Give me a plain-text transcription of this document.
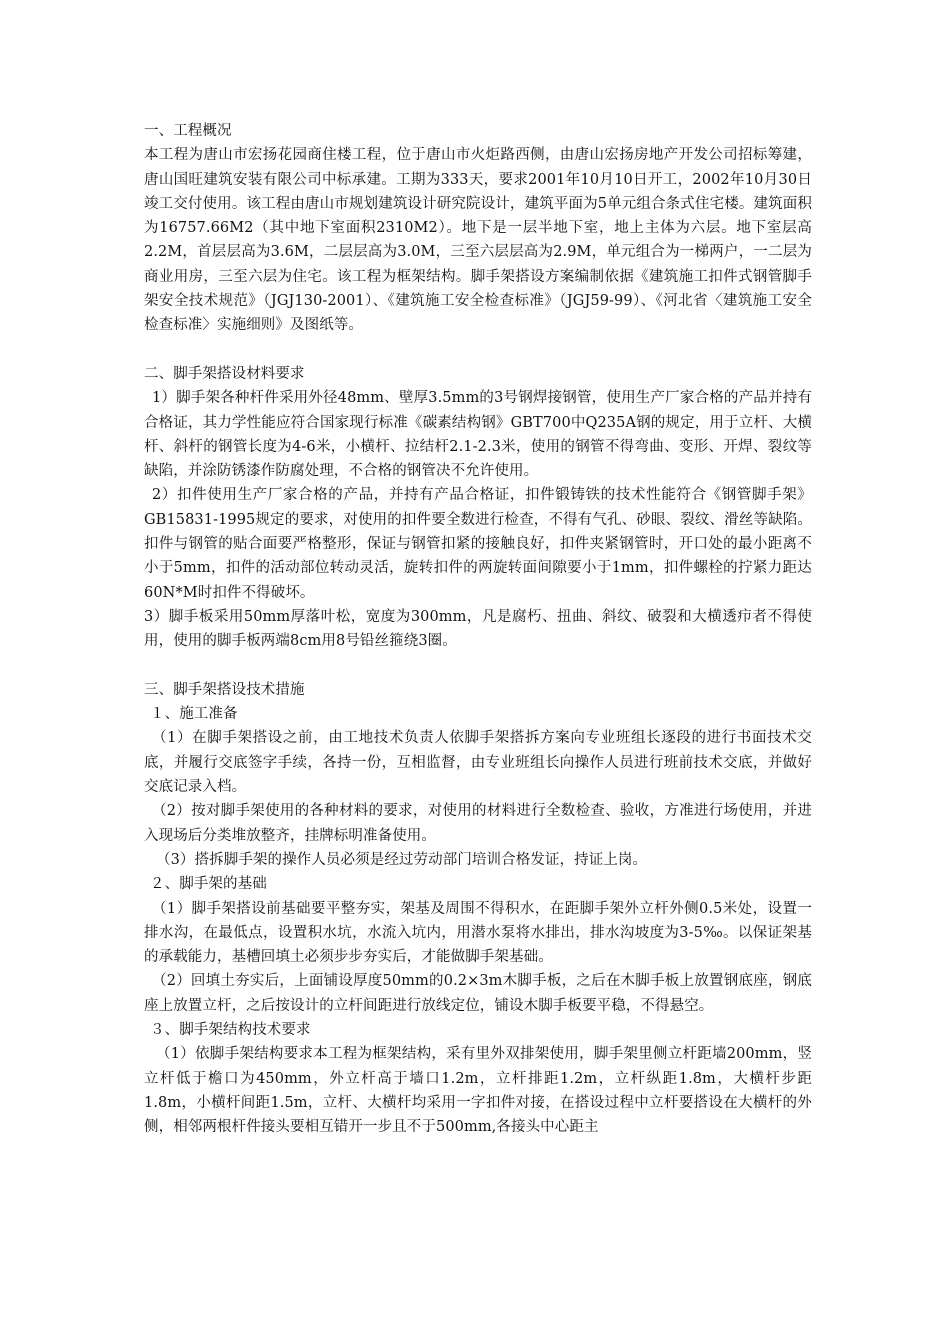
一、工程概况

本工程为唐山市宏扬花园商住楼工程，位于唐山市火炬路西侧，由唐山宏扬房地产开发公司招标筹建，唐山国旺建筑安装有限公司中标承建。工期为333天，要求2001年10月10日开工，2002年10月30日竣工交付使用。该工程由唐山市规划建筑设计研究院设计，建筑平面为5单元组合条式住宅楼。建筑面积为16757.66M2（其中地下室面积2310M2）。地下是一层半地下室，地上主体为六层。地下室层高2.2M，首层层高为3.6M，二层层高为3.0M，三至六层层高为2.9M，单元组合为一梯两户，一二层为商业用房，三至六层为住宅。该工程为框架结构。脚手架搭设方案编制依据《建筑施工扣件式钢管脚手架安全技术规范》（JGJ130-2001）、《建筑施工安全检查标准》（JGJ59-99）、《河北省〈建筑施工安全检查标准〉实施细则》及图纸等。

二、脚手架搭设材料要求

1）脚手架各种杆件采用外径48mm、壁厚3.5mm的3号钢焊接钢管，使用生产厂家合格的产品并持有合格证，其力学性能应符合国家现行标准《碳素结构钢》GBT700中Q235A钢的规定，用于立杆、大横杆、斜杆的钢管长度为4-6米，小横杆、拉结杆2.1-2.3米，使用的钢管不得弯曲、变形、开焊、裂纹等缺陷，并涂防锈漆作防腐处理，不合格的钢管决不允许使用。

2）扣件使用生产厂家合格的产品，并持有产品合格证，扣件锻铸铁的技术性能符合《钢管脚手架》GB15831-1995规定的要求，对使用的扣件要全数进行检查，不得有气孔、砂眼、裂纹、滑丝等缺陷。扣件与钢管的贴合面要严格整形，保证与钢管扣紧的接触良好，扣件夹紧钢管时，开口处的最小距离不小于5mm，扣件的活动部位转动灵活，旋转扣件的两旋转面间隙要小于1mm，扣件螺栓的拧紧力距达60N*M时扣件不得破坏。

3）脚手板采用50mm厚落叶松，宽度为300mm，凡是腐朽、扭曲、斜纹、破裂和大横透疖者不得使用，使用的脚手板两端8cm用8号铅丝箍绕3圈。

三、脚手架搭设技术措施

１、施工准备

（1）在脚手架搭设之前，由工地技术负责人依脚手架搭拆方案向专业班组长逐段的进行书面技术交底，并履行交底签字手续，各持一份，互相监督，由专业班组长向操作人员进行班前技术交底，并做好交底记录入档。

（2）按对脚手架使用的各种材料的要求，对使用的材料进行全数检查、验收，方准进行场使用，并进入现场后分类堆放整齐，挂牌标明准备使用。

（3）搭拆脚手架的操作人员必须是经过劳动部门培训合格发证，持证上岗。

２、脚手架的基础

（1）脚手架搭设前基础要平整夯实，架基及周围不得积水，在距脚手架外立杆外侧0.5米处，设置一排水沟，在最低点，设置积水坑，水流入坑内，用潜水泵将水排出，排水沟坡度为3-5‰。以保证架基的承载能力，基槽回填土必须步步夯实后，才能做脚手架基础。

（2）回填土夯实后，上面铺设厚度50mm的0.2×3m木脚手板，之后在木脚手板上放置钢底座，钢底座上放置立杆，之后按设计的立杆间距进行放线定位，铺设木脚手板要平稳，不得悬空。

３、脚手架结构技术要求

（1）依脚手架结构要求本工程为框架结构，采有里外双排架使用，脚手架里侧立杆距墙200mm，竖立杆低于檐口为450mm，外立杆高于墙口1.2m，立杆排距1.2m，立杆纵距1.8m，大横杆步距1.8m，小横杆间距1.5m，立杆、大横杆均采用一字扣件对接，在搭设过程中立杆要搭设在大横杆的外侧，相邻两根杆件接头要相互错开一步且不于500mm,各接头中心距主
